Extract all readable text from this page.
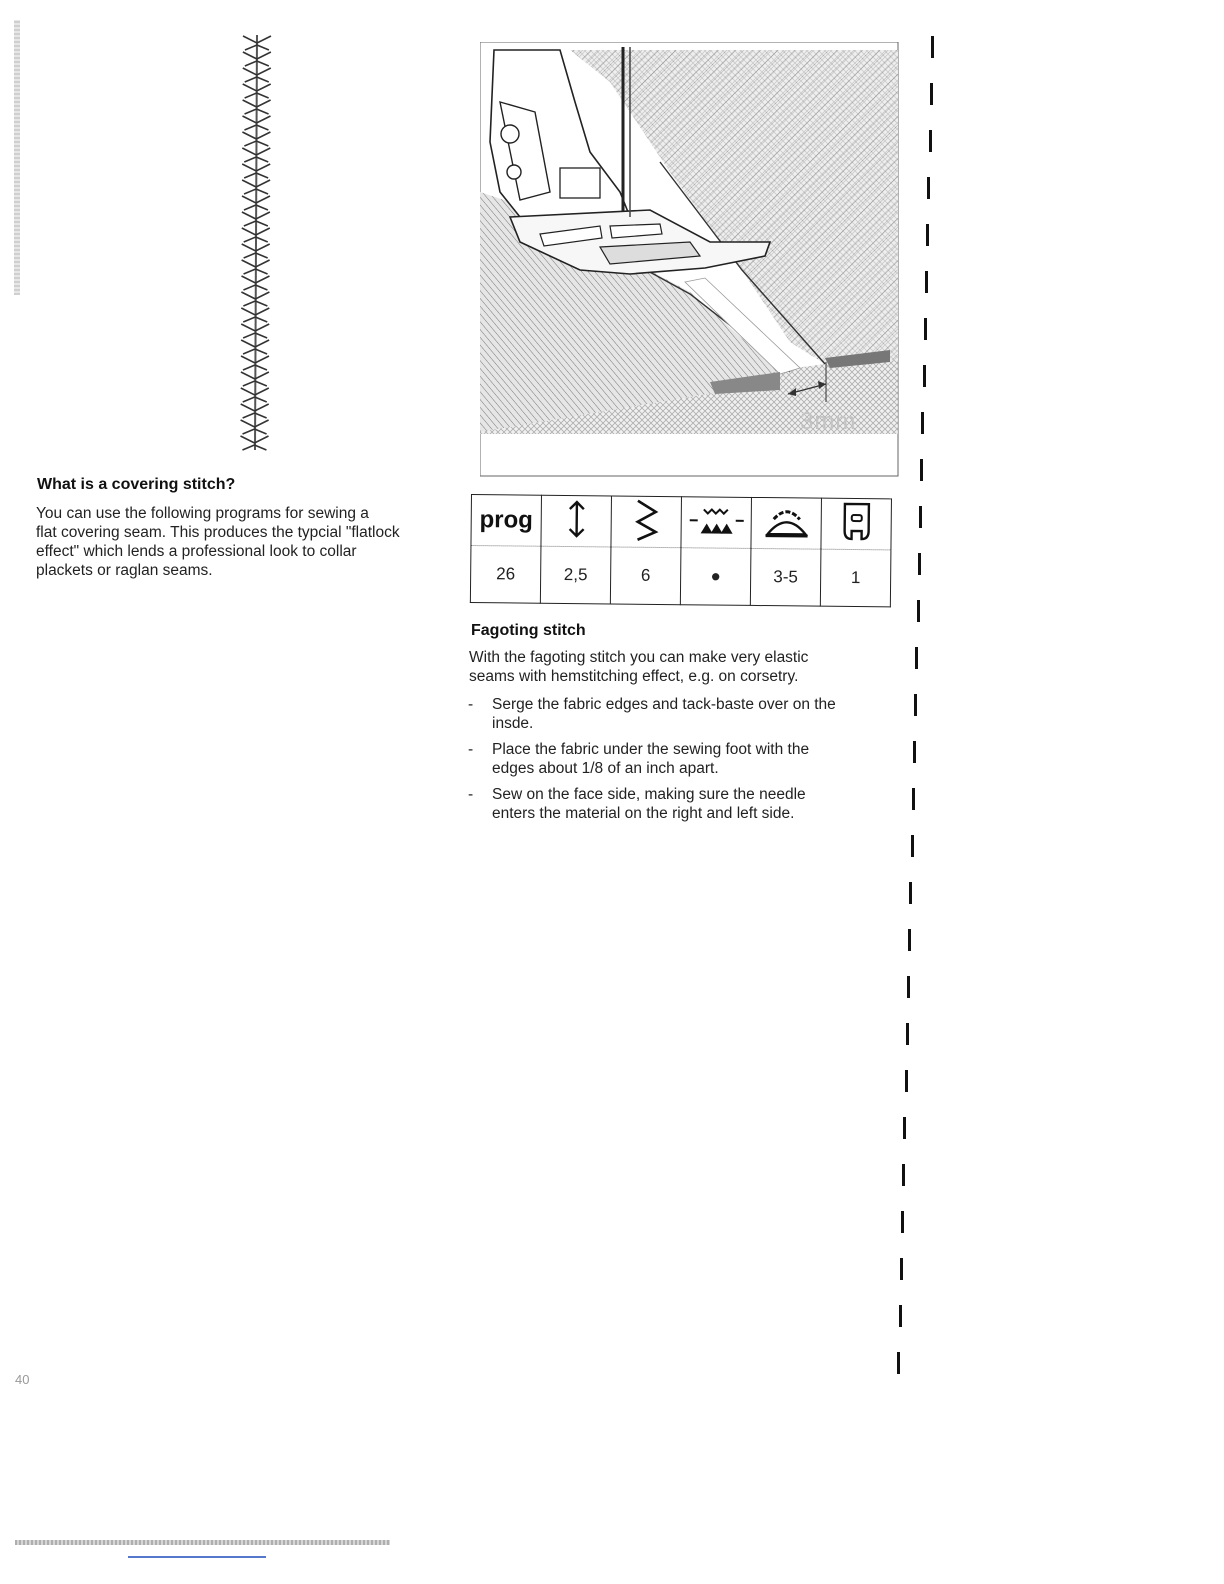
What is a covering stitch?
You can use the following programs for sewing a
flat covering seam. This produces the typcial "flatlock
effect" which lends a professional look to collar
plackets or raglan seams.
3mm
prog					
26	2,5	6	●	3-5	1
Fagoting stitch
With the fagoting stitch you can make very elastic
seams with hemstitching effect, e.g. on corsetry.
- Serge the fabric edges and tack-baste over on the
insde.
- Place the fabric under the sewing foot with the
edges about 1/8 of an inch apart.
- Sew on the face side, making sure the needle
enters the material on the right and left side.
40
